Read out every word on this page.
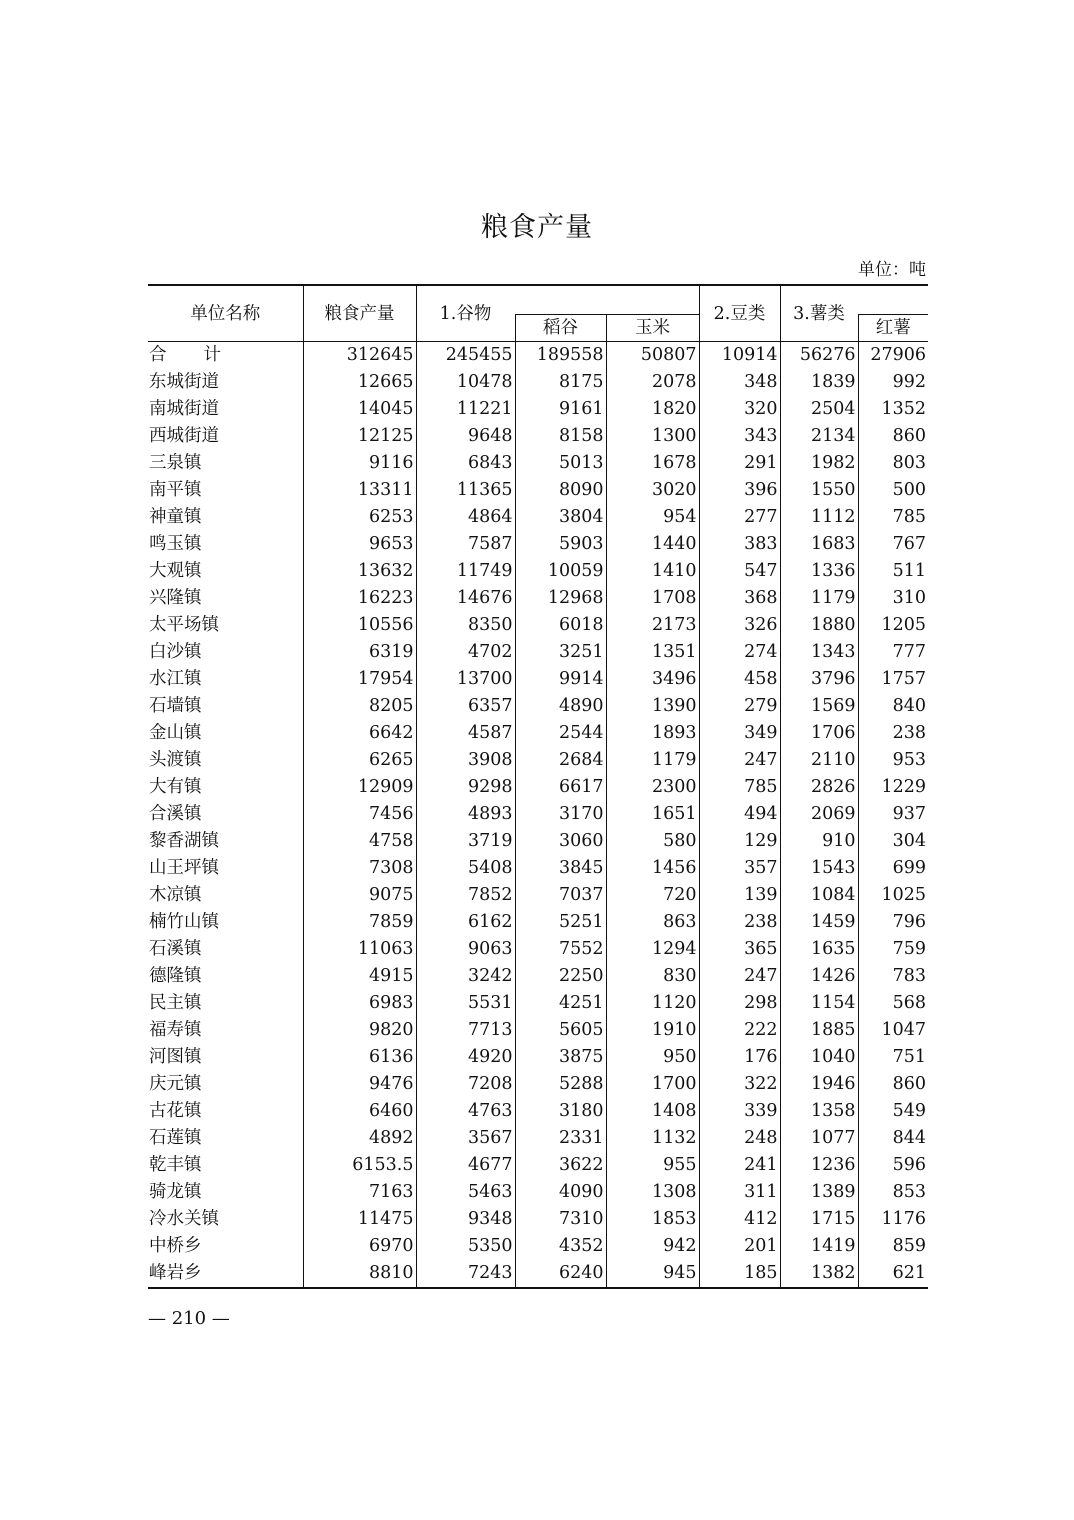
粮食产量
单位：吨
单位名称	粮食产量	1.谷物			2.豆类	3.薯类	
			稻谷	玉米			红薯

合 计	312645	245455	189558	50807	10914	56276	27906
东城街道	12665	10478	8175	2078	348	1839	992
南城街道	14045	11221	9161	1820	320	2504	1352
西城街道	12125	9648	8158	1300	343	2134	860
三泉镇	9116	6843	5013	1678	291	1982	803
南平镇	13311	11365	8090	3020	396	1550	500
神童镇	6253	4864	3804	954	277	1112	785
鸣玉镇	9653	7587	5903	1440	383	1683	767
大观镇	13632	11749	10059	1410	547	1336	511
兴隆镇	16223	14676	12968	1708	368	1179	310
太平场镇	10556	8350	6018	2173	326	1880	1205
白沙镇	6319	4702	3251	1351	274	1343	777
水江镇	17954	13700	9914	3496	458	3796	1757
石墙镇	8205	6357	4890	1390	279	1569	840
金山镇	6642	4587	2544	1893	349	1706	238
头渡镇	6265	3908	2684	1179	247	2110	953
大有镇	12909	9298	6617	2300	785	2826	1229
合溪镇	7456	4893	3170	1651	494	2069	937
黎香湖镇	4758	3719	3060	580	129	910	304
山王坪镇	7308	5408	3845	1456	357	1543	699
木凉镇	9075	7852	7037	720	139	1084	1025
楠竹山镇	7859	6162	5251	863	238	1459	796
石溪镇	11063	9063	7552	1294	365	1635	759
德隆镇	4915	3242	2250	830	247	1426	783
民主镇	6983	5531	4251	1120	298	1154	568
福寿镇	9820	7713	5605	1910	222	1885	1047
河图镇	6136	4920	3875	950	176	1040	751
庆元镇	9476	7208	5288	1700	322	1946	860
古花镇	6460	4763	3180	1408	339	1358	549
石莲镇	4892	3567	2331	1132	248	1077	844
乾丰镇	6153.5	4677	3622	955	241	1236	596
骑龙镇	7163	5463	4090	1308	311	1389	853
冷水关镇	11475	9348	7310	1853	412	1715	1176
中桥乡	6970	5350	4352	942	201	1419	859
峰岩乡	8810	7243	6240	945	185	1382	621
— 210 —
